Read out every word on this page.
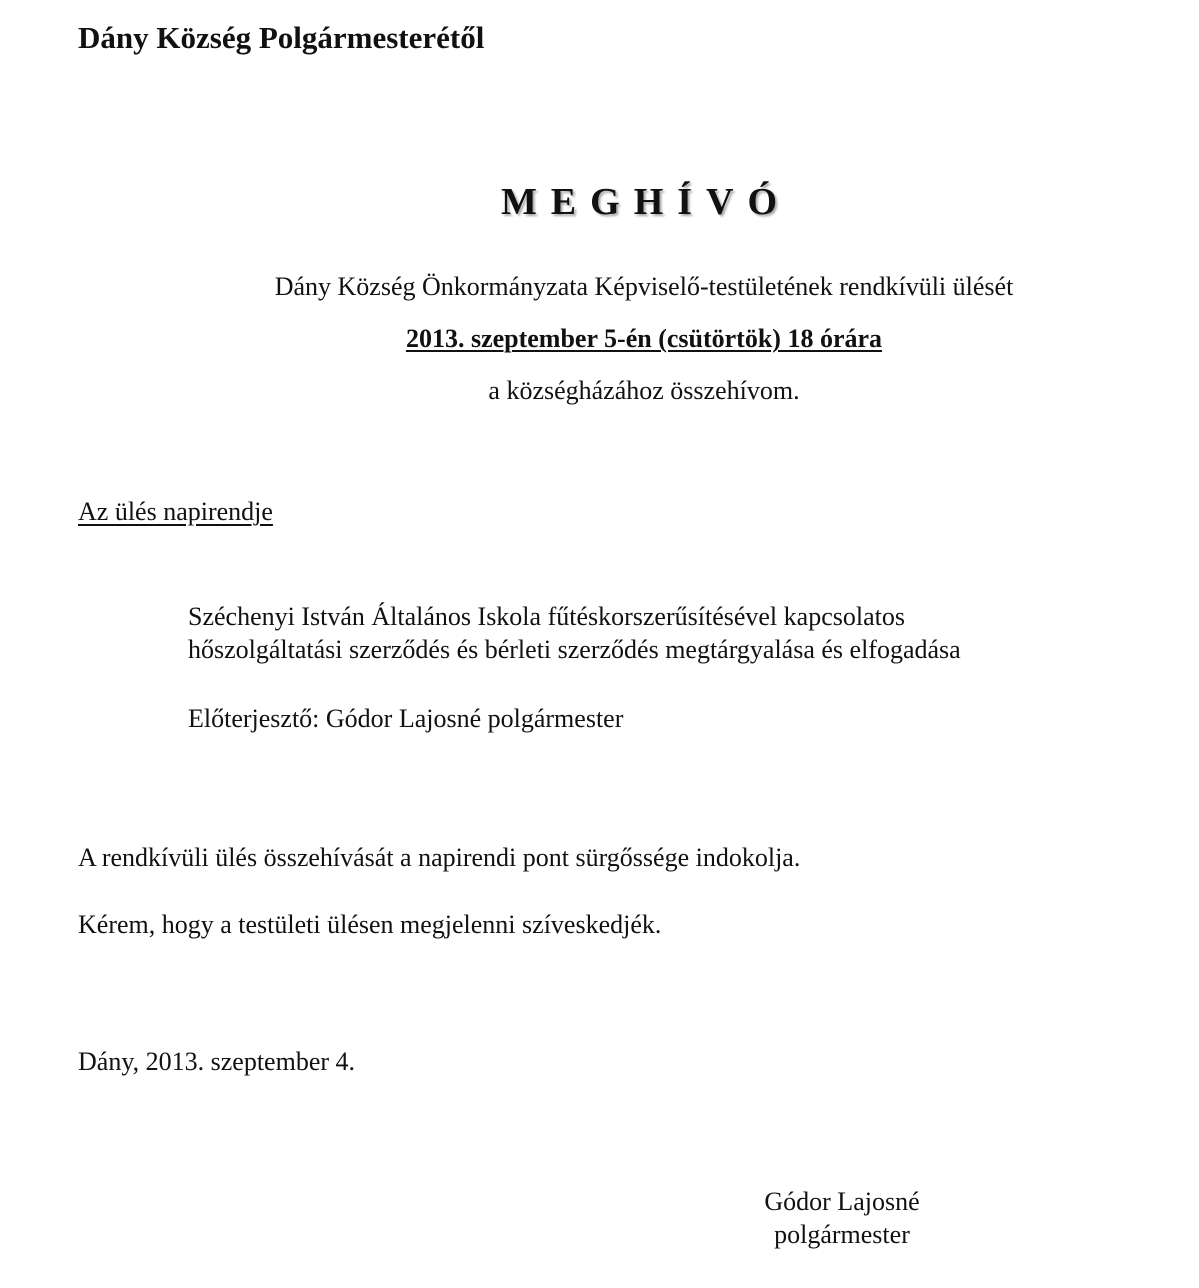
Dány Község Polgármesterétől
MEGHÍVÓ
Dány Község Önkormányzata Képviselő-testületének rendkívüli ülését
2013. szeptember 5-én (csütörtök) 18 órára
a községházához összehívom.
Az ülés napirendje
Széchenyi István Általános Iskola fűtéskorszerűsítésével kapcsolatos
hőszolgáltatási szerződés és bérleti szerződés megtárgyalása és elfogadása
Előterjesztő: Gódor Lajosné polgármester
A rendkívüli ülés összehívását a napirendi pont sürgőssége indokolja.
Kérem, hogy a testületi ülésen megjelenni szíveskedjék.
Dány, 2013. szeptember 4.
Gódor Lajosné
polgármester
